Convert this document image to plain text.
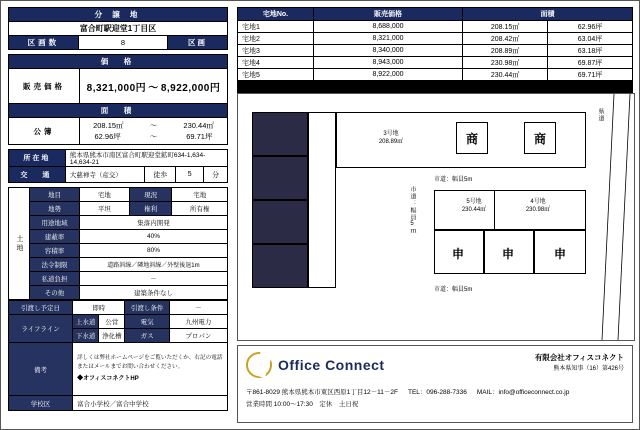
分 譲 地
富合町駅迎堂1丁目区
区画数	8	区画
価　格	
販売価格	8,321,000円 ～ 8,922,000円
面　積	
公簿	
208.15㎡	～	230.44㎡
62.96坪	～	69.71坪
所在地	熊本県熊本市南区富合町駅迎堂鉱町634-1,634-14,634-21			
交　通	大慈禅寺（産交）	徒歩	5	分
土地	地目	宅地	現況	宅地
	地勢	平坦	権利	所有権
	用途地域	集落内開発		
	建蔽率	40%		
	容積率	80%		
	法令制限	道路斜線／隣地斜線／外壁後退1m		
	私道負担	－		
	その他	建築条件なし		
引渡し予定日	即時	引渡し条件	－
ライフライン	上水道 公営	電気	九州電力

下水道 浄化槽	ガス	プロパン
備考	詳しくは弊社ホームページをご覧いただくか、右記の電話またはメールまでお問い合わせください。
◆オフィスコネクトHP		

学校区	富合小学校／富合中学校		
宅地No.	販売価格	面積	
宅地1	8,688,000	208.15㎡	62.96坪
宅地2	8,321,000	208.42㎡	63.04坪
宅地3	8,340,000	208.89㎡	63.18坪
宅地4	8,943,000	230.98㎡	69.87坪
宅地5	8,922,000	230.44㎡	69.71坪

3号地
208.89㎡	商	商
市道：幅員5m
5号地
230.44㎡
4号地
230.98㎡
申	申	申
市道：幅員5m
市道：幅員5ｍ
県道
Office Connect	有限会社オフィスコネクト
熊本県知事（16）第426号
〒861-8029 熊本県熊本市東区西原1丁目12－11－2F TEL：096-288-7336 MAIL：info@officeconnect.co.jp
営業時間 10:00～17:30　定休　土日祝
